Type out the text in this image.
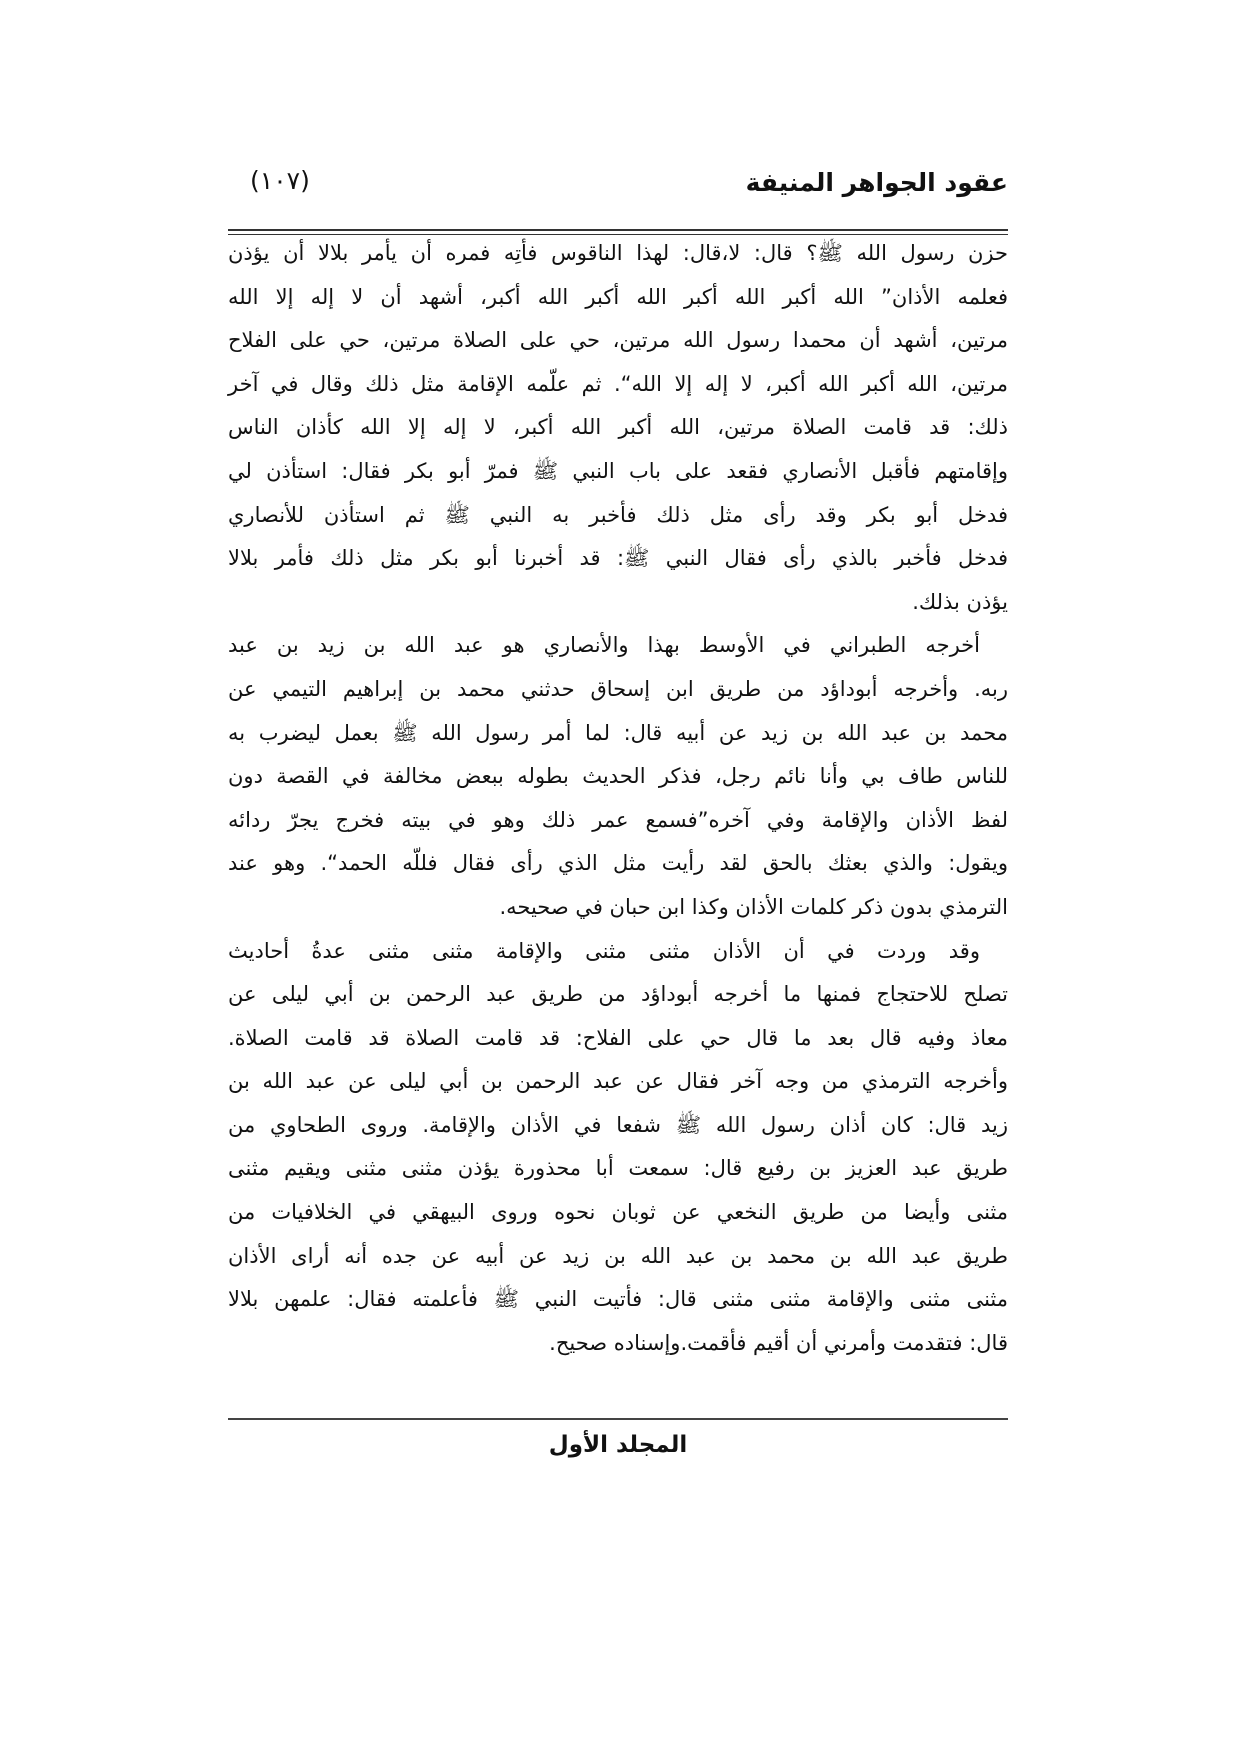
عقود الجواهر المنيفة
(١٠٧)
حزن رسول الله ﷺ؟ قال: لا،قال: لهذا الناقوس فأتِه فمره أن يأمر بلالا أن يؤذن
فعلمه الأذان” الله أكبر الله أكبر الله أكبر الله أكبر، أشهد أن لا إله إلا الله
مرتين، أشهد أن محمدا رسول الله مرتين، حي على الصلاة مرتين، حي على الفلاح
مرتين، الله أكبر الله أكبر، لا إله إلا الله“. ثم علّمه الإقامة مثل ذلك وقال في آخر
ذلك: قد قامت الصلاة مرتين، الله أكبر الله أكبر، لا إله إلا الله كأذان الناس
وإقامتهم فأقبل الأنصاري فقعد على باب النبي ﷺ فمرّ أبو بكر فقال: استأذن لي
فدخل أبو بكر وقد رأى مثل ذلك فأخبر به النبي ﷺ ثم استأذن للأنصاري
فدخل فأخبر بالذي رأى فقال النبي ﷺ: قد أخبرنا أبو بكر مثل ذلك فأمر بلالا
يؤذن بذلك.
أخرجه الطبراني في الأوسط بهذا والأنصاري هو عبد الله بن زيد بن عبد
ربه. وأخرجه أبوداؤد من طريق ابن إسحاق حدثني محمد بن إبراهيم التيمي عن
محمد بن عبد الله بن زيد عن أبيه قال: لما أمر رسول الله ﷺ بعمل ليضرب به
للناس طاف بي وأنا نائم رجل، فذكر الحديث بطوله ببعض مخالفة في القصة دون
لفظ الأذان والإقامة وفي آخره”فسمع عمر ذلك وهو في بيته فخرج يجرّ ردائه
ويقول: والذي بعثك بالحق لقد رأيت مثل الذي رأى فقال فللّه الحمد“. وهو عند
الترمذي بدون ذكر كلمات الأذان وكذا ابن حبان في صحيحه.
وقد وردت في أن الأذان مثنى مثنى والإقامة مثنى مثنى عدةُ أحاديث
تصلح للاحتجاج فمنها ما أخرجه أبوداؤد من طريق عبد الرحمن بن أبي ليلى عن
معاذ وفيه قال بعد ما قال حي على الفلاح: قد قامت الصلاة قد قامت الصلاة.
وأخرجه الترمذي من وجه آخر فقال عن عبد الرحمن بن أبي ليلى عن عبد الله بن
زيد قال: كان أذان رسول الله ﷺ شفعا في الأذان والإقامة. وروى الطحاوي من
طريق عبد العزيز بن رفيع قال: سمعت أبا محذورة يؤذن مثنى مثنى ويقيم مثنى
مثنى وأيضا من طريق النخعي عن ثوبان نحوه وروى البيهقي في الخلافيات من
طريق عبد الله بن محمد بن عبد الله بن زيد عن أبيه عن جده أنه أراى الأذان
مثنى مثنى والإقامة مثنى مثنى قال: فأتيت النبي ﷺ فأعلمته فقال: علمهن بلالا
قال: فتقدمت وأمرني أن أقيم فأقمت.وإسناده صحيح.
المجلد الأول
